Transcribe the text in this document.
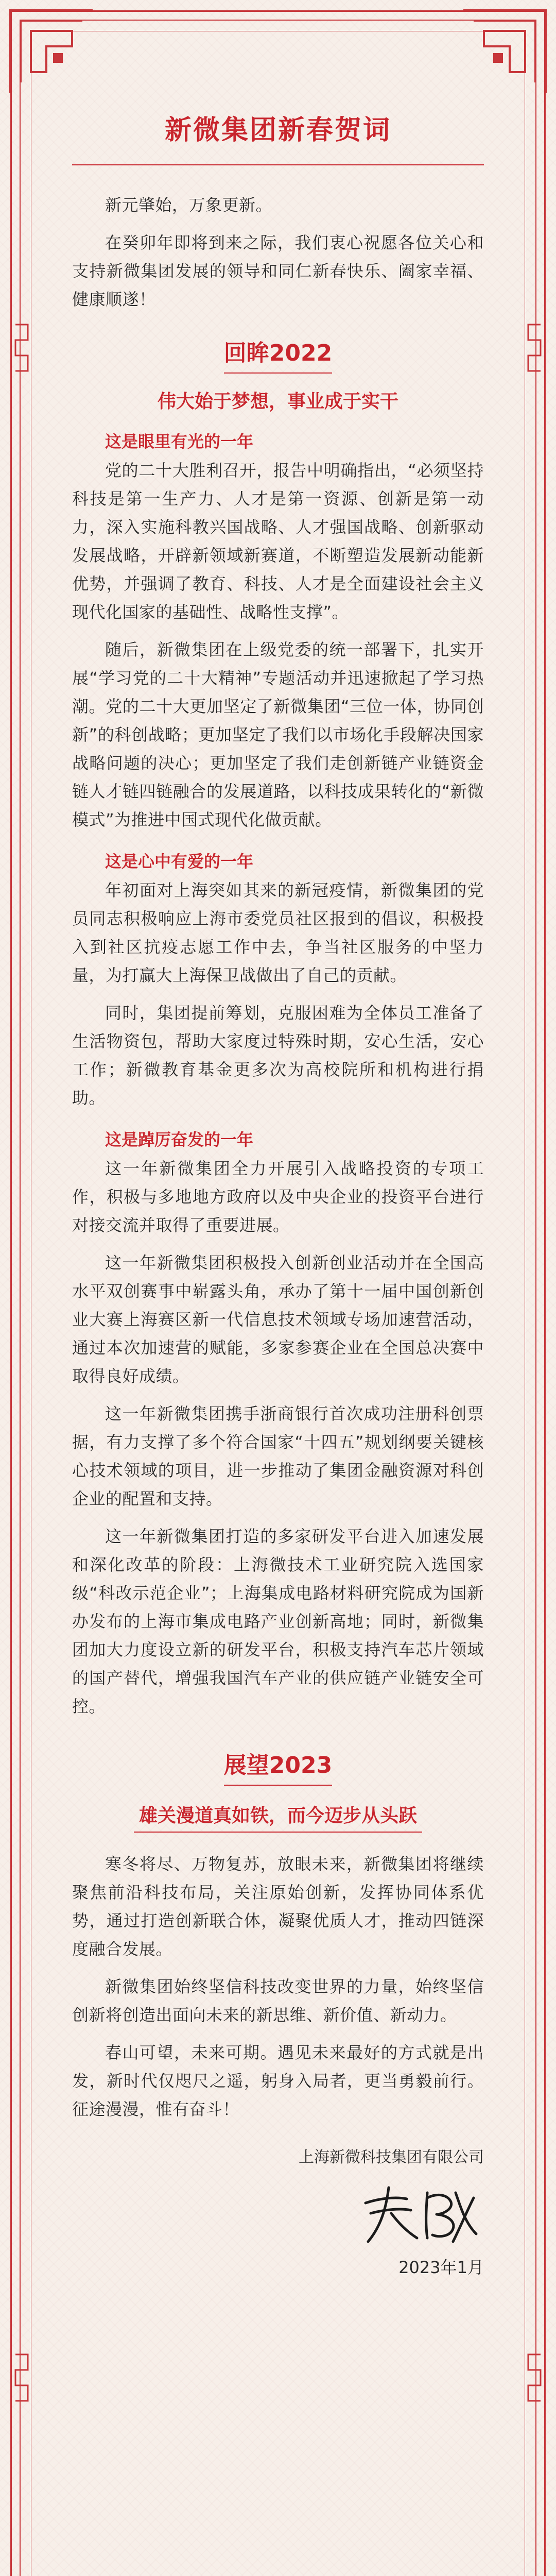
新微集团新春贺词

新元肇始，万象更新。

在癸卯年即将到来之际，我们衷心祝愿各位关心和支持新微集团发展的领导和同仁新春快乐、阖家幸福、健康顺遂！

回眸2022
伟大始于梦想，事业成于实干
这是眼里有光的一年

党的二十大胜利召开，报告中明确指出，“必须坚持科技是第一生产力、人才是第一资源、创新是第一动力，深入实施科教兴国战略、人才强国战略、创新驱动发展战略，开辟新领域新赛道，不断塑造发展新动能新优势，并强调了教育、科技、人才是全面建设社会主义现代化国家的基础性、战略性支撑”。

随后，新微集团在上级党委的统一部署下，扎实开展“学习党的二十大精神”专题活动并迅速掀起了学习热潮。党的二十大更加坚定了新微集团“三位一体，协同创新”的科创战略；更加坚定了我们以市场化手段解决国家战略问题的决心；更加坚定了我们走创新链产业链资金链人才链四链融合的发展道路，以科技成果转化的“新微模式”为推进中国式现代化做贡献。

这是心中有爱的一年

年初面对上海突如其来的新冠疫情，新微集团的党员同志积极响应上海市委党员社区报到的倡议，积极投入到社区抗疫志愿工作中去，争当社区服务的中坚力量，为打赢大上海保卫战做出了自己的贡献。

同时，集团提前筹划，克服困难为全体员工准备了生活物资包，帮助大家度过特殊时期，安心生活，安心工作；新微教育基金更多次为高校院所和机构进行捐助。

这是踔厉奋发的一年

这一年新微集团全力开展引入战略投资的专项工作，积极与多地地方政府以及中央企业的投资平台进行对接交流并取得了重要进展。

这一年新微集团积极投入创新创业活动并在全国高水平双创赛事中崭露头角，承办了第十一届中国创新创业大赛上海赛区新一代信息技术领域专场加速营活动，通过本次加速营的赋能，多家参赛企业在全国总决赛中取得良好成绩。

这一年新微集团携手浙商银行首次成功注册科创票据，有力支撑了多个符合国家“十四五”规划纲要关键核心技术领域的项目，进一步推动了集团金融资源对科创企业的配置和支持。

这一年新微集团打造的多家研发平台进入加速发展和深化改革的阶段：上海微技术工业研究院入选国家级“科改示范企业”；上海集成电路材料研究院成为国新办发布的上海市集成电路产业创新高地；同时，新微集团加大力度设立新的研发平台，积极支持汽车芯片领域的国产替代，增强我国汽车产业的供应链产业链安全可控。

展望2023
雄关漫道真如铁，而今迈步从头跃

寒冬将尽、万物复苏，放眼未来，新微集团将继续聚焦前沿科技布局，关注原始创新，发挥协同体系优势，通过打造创新联合体，凝聚优质人才，推动四链深度融合发展。

新微集团始终坚信科技改变世界的力量，始终坚信创新将创造出面向未来的新思维、新价值、新动力。

春山可望，未来可期。遇见未来最好的方式就是出发，新时代仅咫尺之遥，躬身入局者，更当勇毅前行。征途漫漫，惟有奋斗！

上海新微科技集团有限公司
2023年1月
